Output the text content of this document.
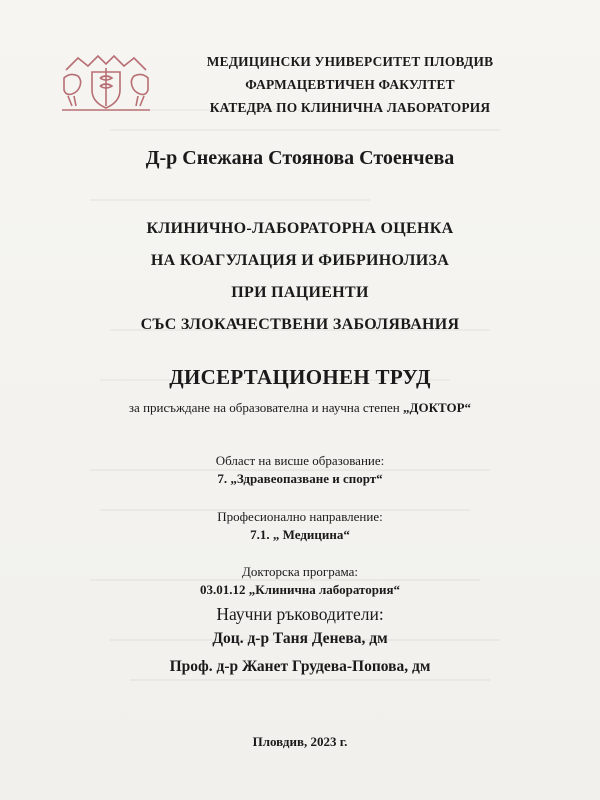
МЕДИЦИНСКИ УНИВЕРСИТЕТ ПЛОВДИВ
ФАРМАЦЕВТИЧЕН ФАКУЛТЕТ
КАТЕДРА ПО КЛИНИЧНА ЛАБОРАТОРИЯ
Д-р Снежана Стоянова Стоенчева
КЛИНИЧНО-ЛАБОРАТОРНА ОЦЕНКА
НА КОАГУЛАЦИЯ И ФИБРИНОЛИЗА
ПРИ ПАЦИЕНТИ
СЪС ЗЛОКАЧЕСТВЕНИ ЗАБОЛЯВАНИЯ
ДИСЕРТАЦИОНЕН ТРУД
за присъждане на образователна и научна степен „ДОКТОР“
Област на висше образование:
7. „Здравеопазване и спорт“
Професионално направление:
7.1. „ Медицина“
Докторска програма:
03.01.12 „Клинична лаборатория“
Научни ръководители:
Доц. д-р Таня Денева, дм
Проф. д-р Жанет Грудева-Попова, дм
Пловдив, 2023 г.
